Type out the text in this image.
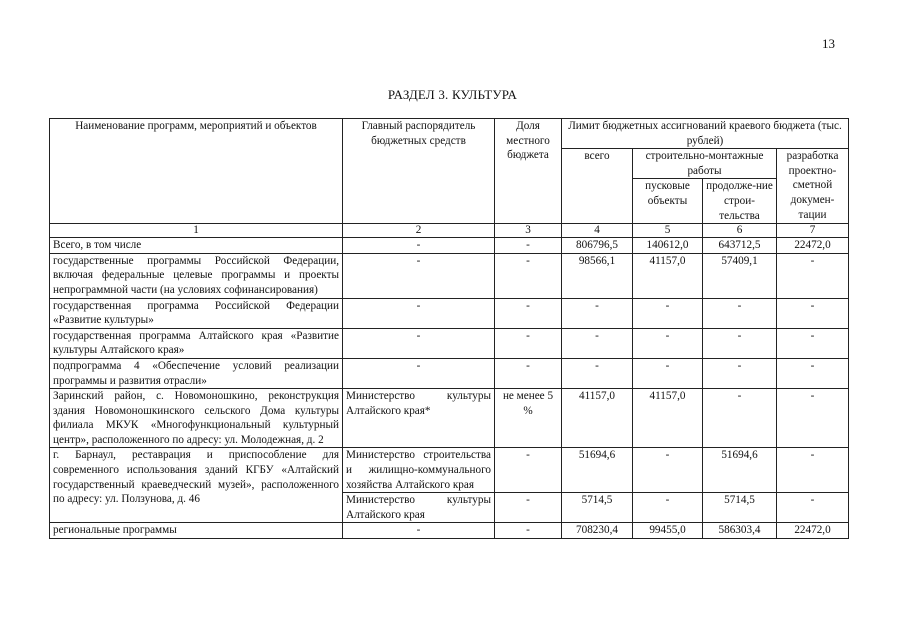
13
РАЗДЕЛ 3. КУЛЬТУРА
Наименование программ, мероприятий и объектов	Главный распорядитель бюджетных средств	Доля местного бюджета	Лимит бюджетных ассигнований краевого бюджета (тыс. рублей)			
			всего	строительно-монтажные работы		разработка проектно-сметной докумен-тации
				пусковые объекты	продолже-ние строи-тельства	
1	2	3	4	5	6	7
Всего, в том числе	-	-	806796,5	140612,0	643712,5	22472,0
государственные программы Российской Федерации, включая федеральные целевые программы и проекты непрограммной части (на условиях софинансирования)	-	-	98566,1	41157,0	57409,1	-
государственная программа Российской Федерации «Развитие культуры»	-	-	-	-	-	-
государственная программа Алтайского края «Развитие культуры Алтайского края»	-	-	-	-	-	-
подпрограмма 4 «Обеспечение условий реализации программы и развития отрасли»	-	-	-	-	-	-
Заринский район, с. Новомоношкино, реконструкция здания Новомоношкинского сельского Дома культуры филиала МКУК «Многофункциональный культурный центр», расположенного по адресу: ул. Молодежная, д. 2	Министерство культуры Алтайского края*	не менее 5 %	41157,0	41157,0	-	-
г. Барнаул, реставрация и приспособление для современного использования зданий КГБУ «Алтайский государственный краеведческий музей», расположенного по адресу: ул. Ползунова, д. 46	Министерство строительства и жилищно-коммунального хозяйства Алтайского края	-	51694,6	-	51694,6	-
	Министерство культуры Алтайского края	-	5714,5	-	5714,5	-
региональные программы	-	-	708230,4	99455,0	586303,4	22472,0
